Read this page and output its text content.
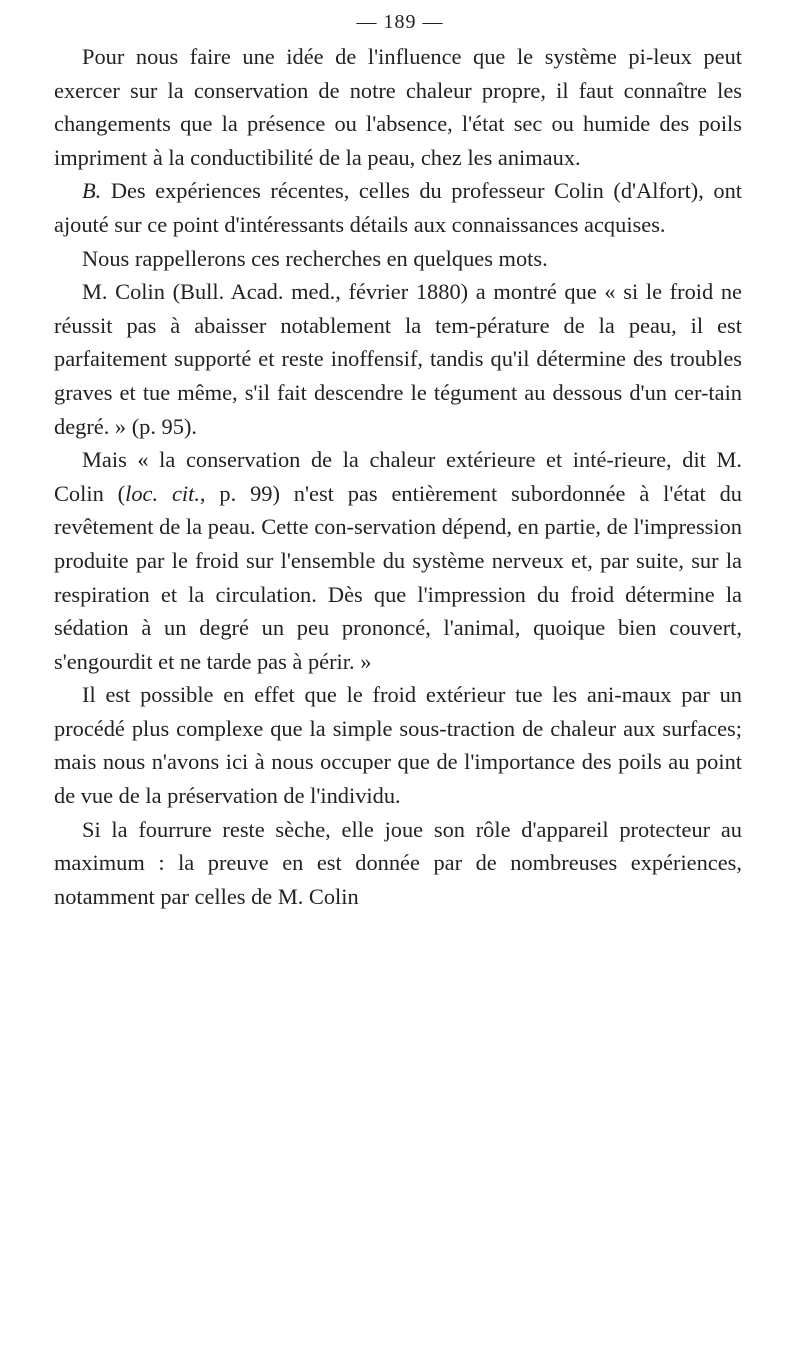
— 189 —

Pour nous faire une idée de l'influence que le système pi-leux peut exercer sur la conservation de notre chaleur propre, il faut connaître les changements que la présence ou l'absence, l'état sec ou humide des poils impriment à la conductibilité de la peau, chez les animaux.

B. Des expériences récentes, celles du professeur Colin (d'Alfort), ont ajouté sur ce point d'intéressants détails aux connaissances acquises.

Nous rappellerons ces recherches en quelques mots.

M. Colin (Bull. Acad. med., février 1880) a montré que « si le froid ne réussit pas à abaisser notablement la tem-pérature de la peau, il est parfaitement supporté et reste inoffensif, tandis qu'il détermine des troubles graves et tue même, s'il fait descendre le tégument au dessous d'un cer-tain degré. » (p. 95).

Mais « la conservation de la chaleur extérieure et inté-rieure, dit M. Colin (loc. cit., p. 99) n'est pas entièrement subordonnée à l'état du revêtement de la peau. Cette con-servation dépend, en partie, de l'impression produite par le froid sur l'ensemble du système nerveux et, par suite, sur la respiration et la circulation. Dès que l'impression du froid détermine la sédation à un degré un peu prononcé, l'animal, quoique bien couvert, s'engourdit et ne tarde pas à périr. »

Il est possible en effet que le froid extérieur tue les ani-maux par un procédé plus complexe que la simple sous-traction de chaleur aux surfaces; mais nous n'avons ici à nous occuper que de l'importance des poils au point de vue de la préservation de l'individu.

Si la fourrure reste sèche, elle joue son rôle d'appareil protecteur au maximum : la preuve en est donnée par de nombreuses expériences, notamment par celles de M. Colin
